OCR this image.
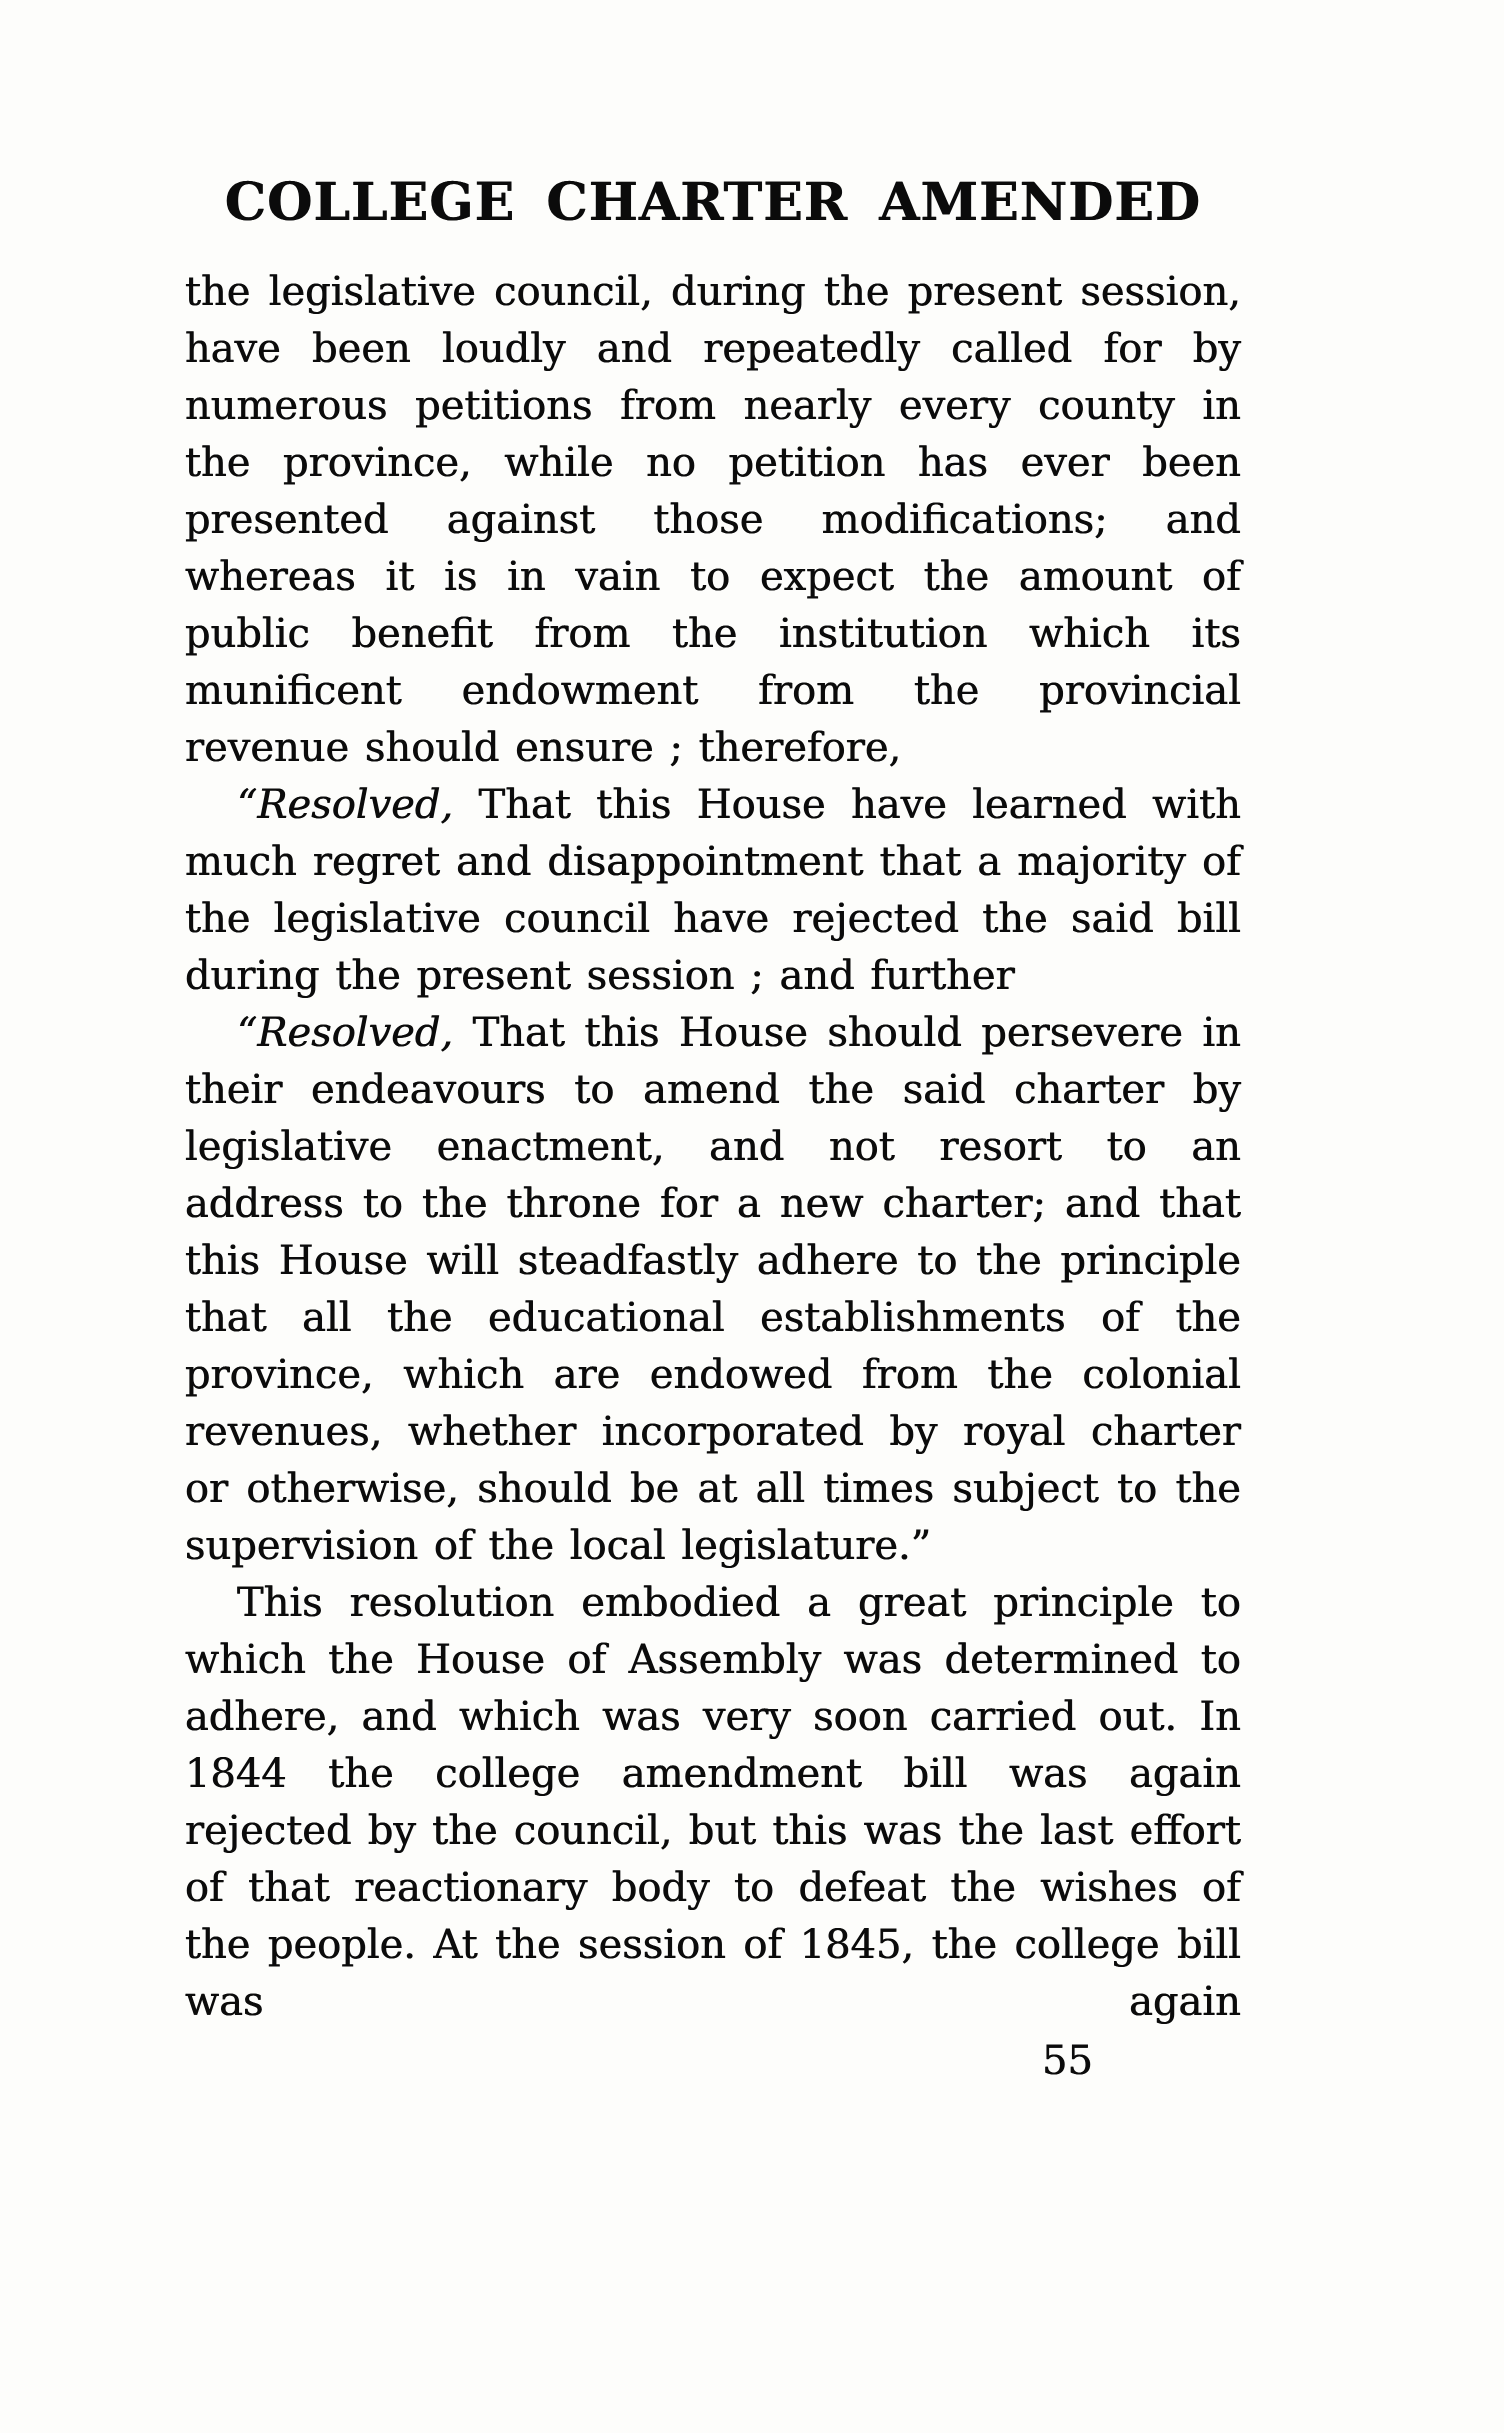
COLLEGE CHARTER AMENDED

the legislative council, during the present session, have been loudly and repeatedly called for by numerous petitions from nearly every county in the province, while no petition has ever been presented against those modifications; and whereas it is in vain to expect the amount of public benefit from the institution which its munificent endowment from the provincial revenue should ensure ; therefore,

“Resolved, That this House have learned with much regret and disappointment that a majority of the legislative council have rejected the said bill during the present session ; and further

“Resolved, That this House should persevere in their endeavours to amend the said charter by legislative enactment, and not resort to an address to the throne for a new charter; and that this House will steadfastly adhere to the principle that all the educational establishments of the province, which are endowed from the colonial revenues, whether incorporated by royal charter or otherwise, should be at all times subject to the supervision of the local legislature.”

This resolution embodied a great principle to which the House of Assembly was determined to adhere, and which was very soon carried out. In 1844 the college amendment bill was again rejected by the council, but this was the last effort of that reactionary body to defeat the wishes of the people. At the session of 1845, the college bill was again

55
